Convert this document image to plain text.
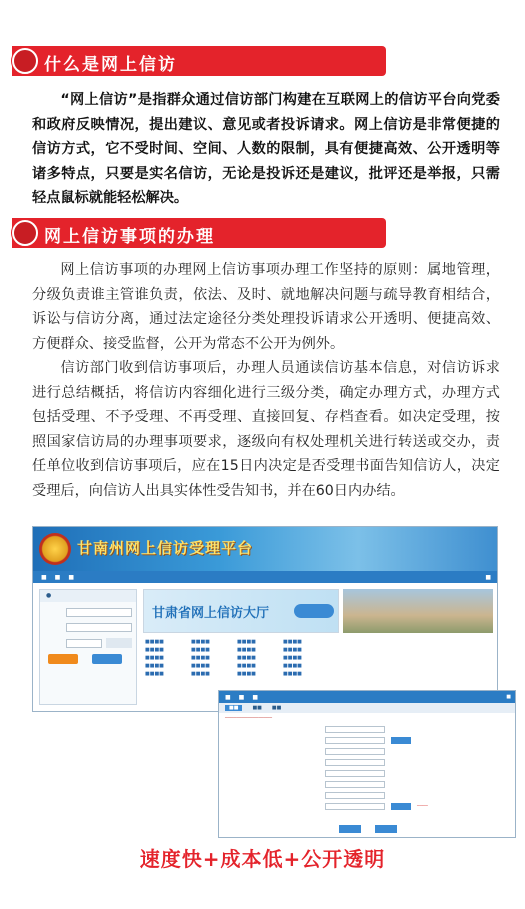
什么是网上信访

“网上信访”是指群众通过信访部门构建在互联网上的信访平台向党委和政府反映情况，提出建议、意见或者投诉请求。网上信访是非常便捷的信访方式，它不受时间、空间、人数的限制，具有便捷高效、公开透明等诸多特点，只要是实名信访，无论是投诉还是建议，批评还是举报，只需轻点鼠标就能轻松解决。

网上信访事项的办理

网上信访事项的办理网上信访事项办理工作坚持的原则：属地管理，分级负责谁主管谁负责，依法、及时、就地解决问题与疏导教育相结合，诉讼与信访分离，通过法定途径分类处理投诉请求公开透明、便捷高效、方便群众、接受监督，公开为常态不公开为例外。

信访部门收到信访事项后，办理人员通读信访基本信息，对信访诉求进行总结概括，将信访内容细化进行三级分类，确定办理方式，办理方式包括受理、不予受理、不再受理、直接回复、存档查看。如决定受理，按照国家信访局的办理事项要求，逐级向有权处理机关进行转送或交办，责任单位收到信访事项后，应在15日内决定是否受理书面告知信访人，决定受理后，向信访人出具实体性受告知书，并在60日内办结。

甘南州网上信访受理平台
■ ■ ■	■
●
甘肃省网上信访大厅
■■■■	■■■■	■■■■	■■■■
■■■■	■■■■	■■■■	■■■■
■■■■	■■■■	■■■■	■■■■
■■■■	■■■■	■■■■	■■■■
■■■■	■■■■	■■■■	■■■■
■ ■ ■	■
■■	■■ ■■
─────────────────
────
速度快+成本低+公开透明
